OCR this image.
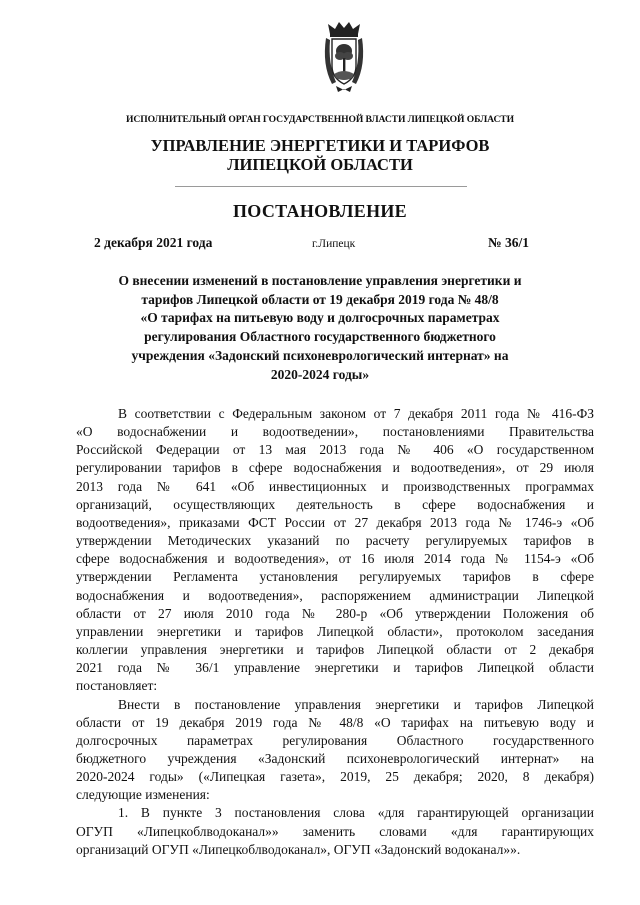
ИСПОЛНИТЕЛЬНЫЙ ОРГАН ГОСУДАРСТВЕННОЙ ВЛАСТИ ЛИПЕЦКОЙ ОБЛАСТИ
УПРАВЛЕНИЕ ЭНЕРГЕТИКИ И ТАРИФОВ
ЛИПЕЦКОЙ ОБЛАСТИ
ПОСТАНОВЛЕНИЕ
2 декабря 2021 года	г.Липецк	№ 36/1
О внесении изменений в постановление управления энергетики и
тарифов Липецкой области от 19 декабря 2019 года № 48/8
«О тарифах на питьевую воду и долгосрочных параметрах
регулирования Областного государственного бюджетного
учреждения «Задонский психоневрологический интернат» на
2020-2024 годы»
В соответствии с Федеральным законом от 7 декабря 2011 года № 416-ФЗ
«О водоснабжении и водоотведении», постановлениями Правительства
Российской Федерации от 13 мая 2013 года № 406 «О государственном
регулировании тарифов в сфере водоснабжения и водоотведения», от 29 июля
2013 года № 641 «Об инвестиционных и производственных программах
организаций, осуществляющих деятельность в сфере водоснабжения и
водоотведения», приказами ФСТ России от 27 декабря 2013 года № 1746-э «Об
утверждении Методических указаний по расчету регулируемых тарифов в
сфере водоснабжения и водоотведения», от 16 июля 2014 года № 1154-э «Об
утверждении Регламента установления регулируемых тарифов в сфере
водоснабжения и водоотведения», распоряжением администрации Липецкой
области от 27 июля 2010 года № 280-р «Об утверждении Положения об
управлении энергетики и тарифов Липецкой области», протоколом заседания
коллегии управления энергетики и тарифов Липецкой области от 2 декабря
2021 года № 36/1 управление энергетики и тарифов Липецкой области
постановляет:
Внести в постановление управления энергетики и тарифов Липецкой
области от 19 декабря 2019 года № 48/8 «О тарифах на питьевую воду и
долгосрочных параметрах регулирования Областного государственного
бюджетного учреждения «Задонский психоневрологический интернат» на
2020-2024 годы» («Липецкая газета», 2019, 25 декабря; 2020, 8 декабря)
следующие изменения:
1. В пункте 3 постановления слова «для гарантирующей организации
ОГУП «Липецкоблводоканал»» заменить словами «для гарантирующих
организаций ОГУП «Липецкоблводоканал», ОГУП «Задонский водоканал»».
